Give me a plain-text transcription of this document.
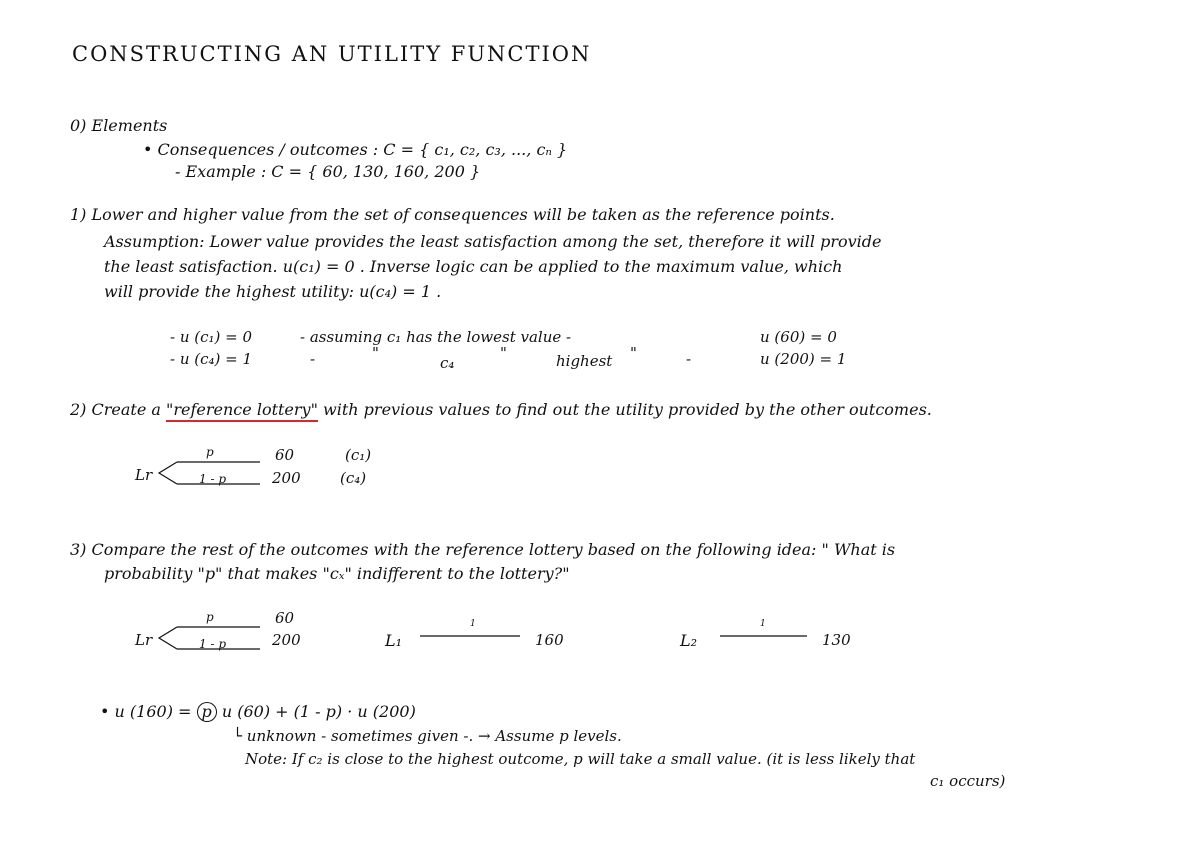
CONSTRUCTING AN UTILITY FUNCTION
0) Elements
• Consequences / outcomes : C = { c₁, c₂, c₃, ..., cₙ }
- Example : C = { 60, 130, 160, 200 }
1) Lower and higher value from the set of consequences will be taken as the reference points.
Assumption: Lower value provides the least satisfaction among the set, therefore it will provide
the least satisfaction. u(c₁) = 0 . Inverse logic can be applied to the maximum value, which
will provide the highest utility: u(c₄) = 1 .
- u (c₁) = 0	- assuming c₁ has the lowest value -	u (60) = 0
- u (c₄) = 1	-	"
c₄
"	highest "	-	u (200) = 1
2) Create a "reference lottery" with previous values to find out the utility provided by the other outcomes.
Lr
p
1 - p
60
200
(c₁)
(c₄)
3) Compare the rest of the outcomes with the reference lottery based on the following idea: " What is
probability "p" that makes "cₓ" indifferent to the lottery?"
Lr
p
1 - p
60
200	L₁
1
160	L₂
1
130
• u (160) = p u (60) + (1 - p) · u (200)
└ unknown - sometimes given -. → Assume p levels.
Note: If c₂ is close to the highest outcome, p will take a small value. (it is less likely that
c₁ occurs)
